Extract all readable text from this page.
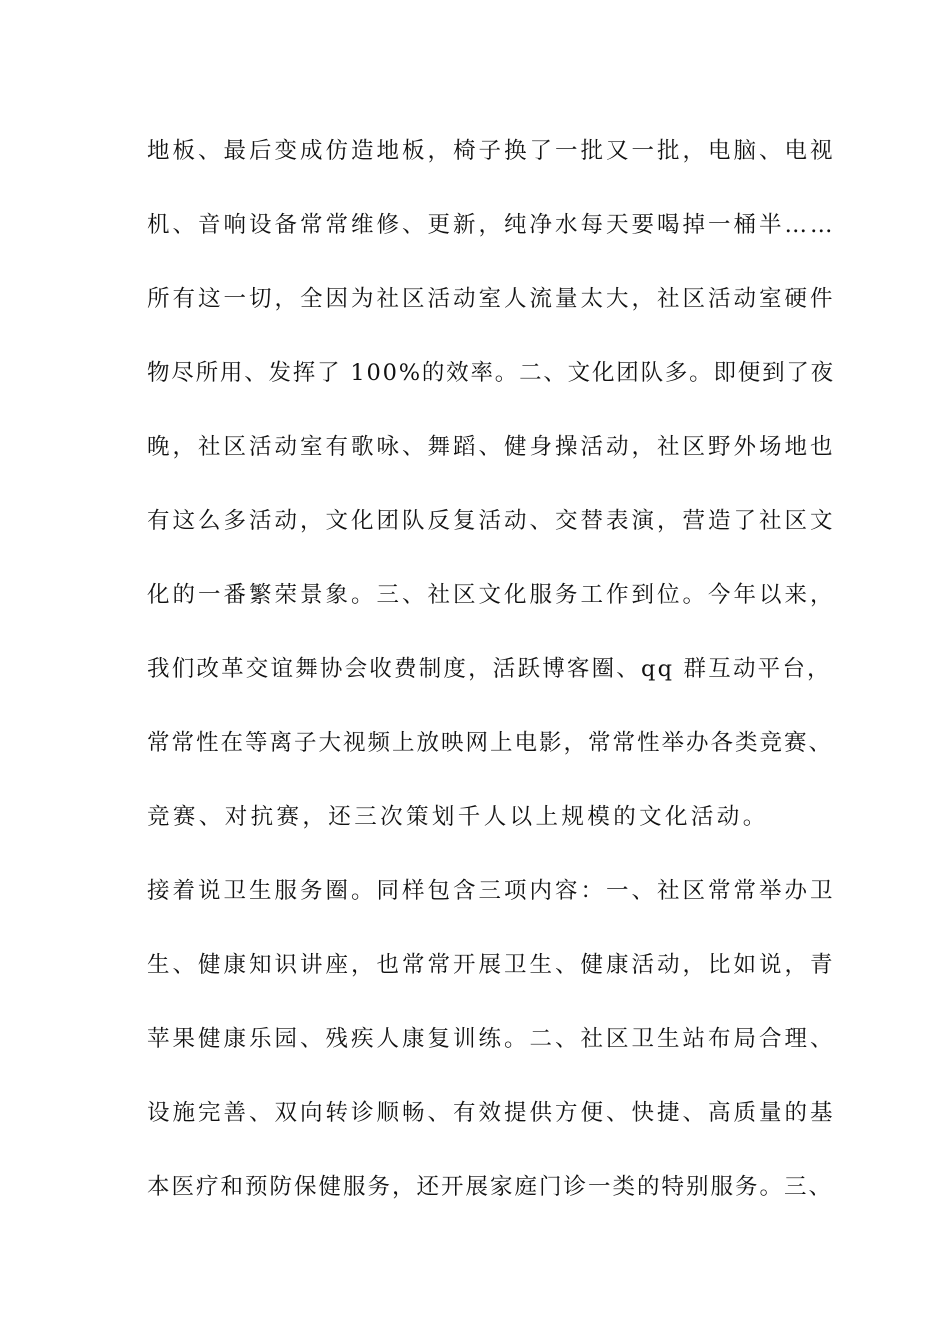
地板、最后变成仿造地板，椅子换了一批又一批，电脑、电视
机、音响设备常常维修、更新，纯净水每天要喝掉一桶半……
所有这一切，全因为社区活动室人流量太大，社区活动室硬件
物尽所用、发挥了 100%的效率。二、文化团队多。即便到了夜
晚，社区活动室有歌咏、舞蹈、健身操活动，社区野外场地也
有这么多活动，文化团队反复活动、交替表演，营造了社区文
化的一番繁荣景象。三、社区文化服务工作到位。今年以来，
我们改革交谊舞协会收费制度，活跃博客圈、qq 群互动平台，
常常性在等离子大视频上放映网上电影，常常性举办各类竞赛、
竞赛、对抗赛，还三次策划千人以上规模的文化活动。
接着说卫生服务圈。同样包含三项内容：一、社区常常举办卫
生、健康知识讲座，也常常开展卫生、健康活动，比如说，青
苹果健康乐园、残疾人康复训练。二、社区卫生站布局合理、
设施完善、双向转诊顺畅、有效提供方便、快捷、高质量的基
本医疗和预防保健服务，还开展家庭门诊一类的特别服务。三、
